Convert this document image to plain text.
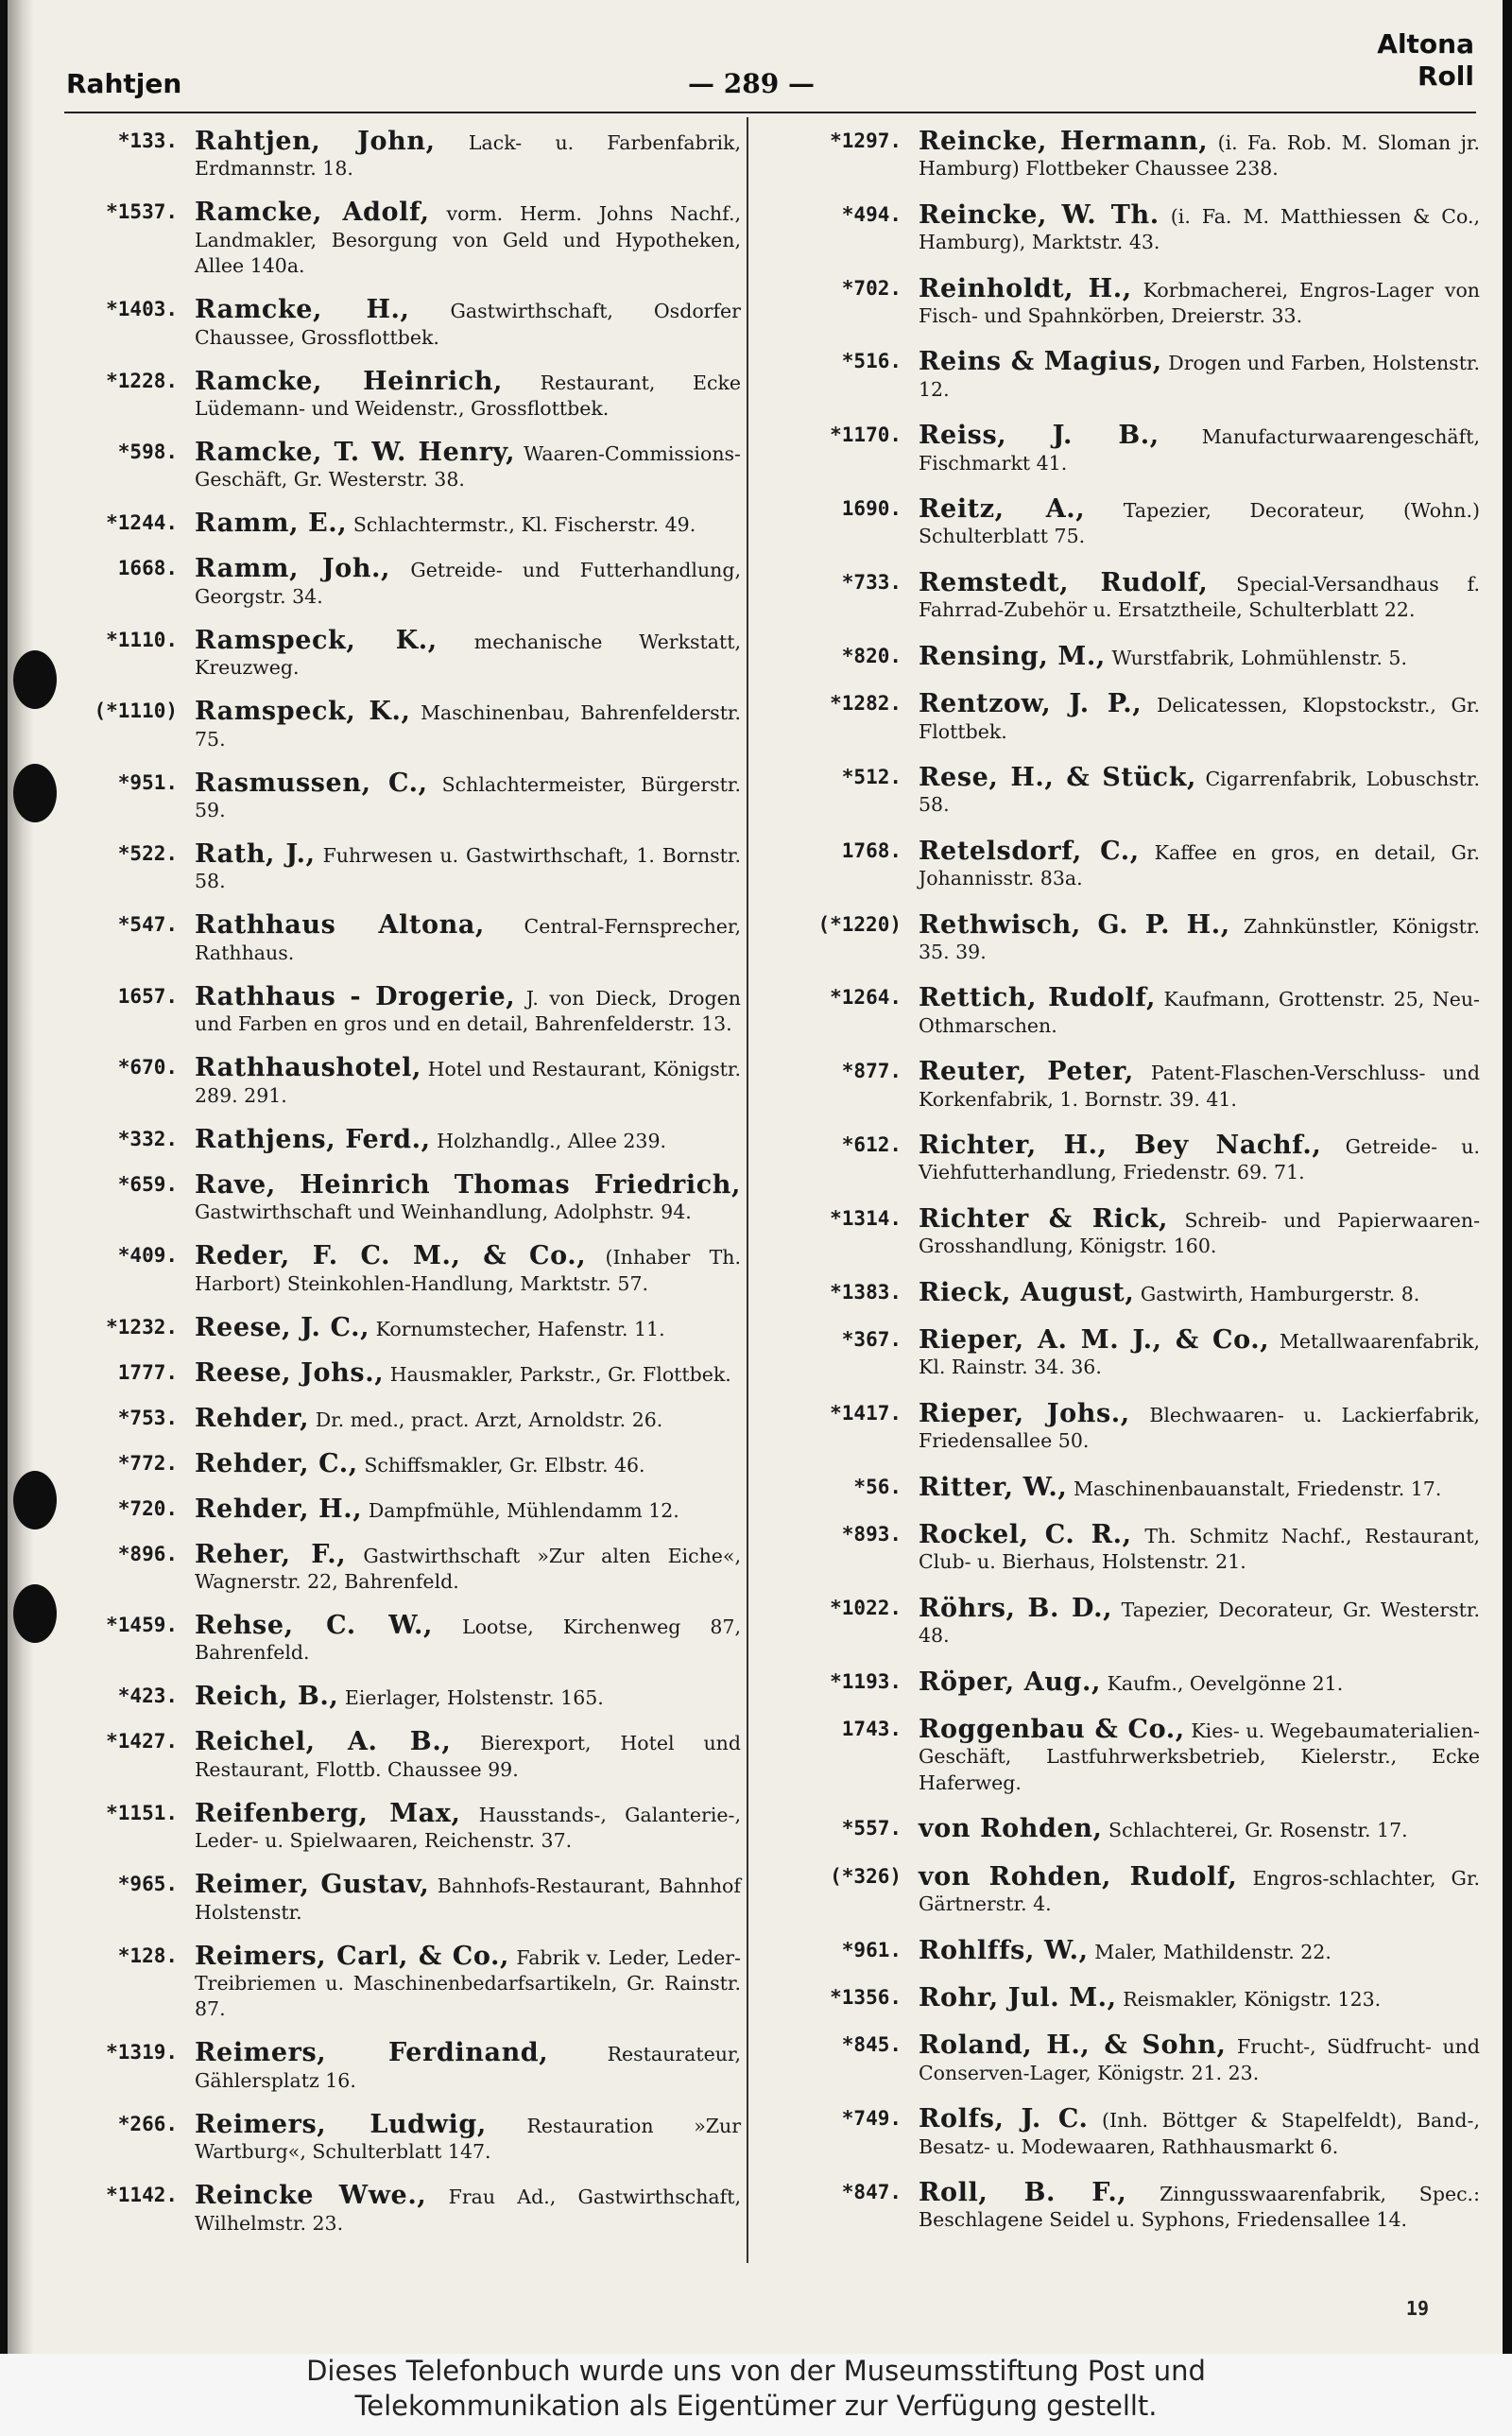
Rahtjen	— 289 —
Altona
Roll
*133. Rahtjen, John, Lack- u. Farbenfabrik, Erdmannstr. 18.
*1537. Ramcke, Adolf, vorm. Herm. Johns Nachf., Landmakler, Besorgung von Geld und Hypotheken, Allee 140a.
*1403. Ramcke, H., Gastwirthschaft, Osdorfer Chaussee, Grossflottbek.
*1228. Ramcke, Heinrich, Restaurant, Ecke Lüdemann- und Weidenstr., Grossflottbek.
*598. Ramcke, T. W. Henry, Waaren-Commissions-Geschäft, Gr. Westerstr. 38.
*1244. Ramm, E., Schlachtermstr., Kl. Fischerstr. 49.
1668. Ramm, Joh., Getreide- und Futterhandlung, Georgstr. 34.
*1110. Ramspeck, K., mechanische Werkstatt, Kreuzweg.
(*1110) Ramspeck, K., Maschinenbau, Bahrenfelderstr. 75.
*951. Rasmussen, C., Schlachtermeister, Bürgerstr. 59.
*522. Rath, J., Fuhrwesen u. Gastwirthschaft, 1. Bornstr. 58.
*547. Rathhaus Altona, Central-Fernsprecher, Rathhaus.
1657. Rathhaus - Drogerie, J. von Dieck, Drogen und Farben en gros und en detail, Bahrenfelderstr. 13.
*670. Rathhaushotel, Hotel und Restaurant, Königstr. 289. 291.
*332. Rathjens, Ferd., Holzhandlg., Allee 239.
*659. Rave, Heinrich Thomas Friedrich, Gastwirthschaft und Weinhandlung, Adolphstr. 94.
*409. Reder, F. C. M., & Co., (Inhaber Th. Harbort) Steinkohlen-Handlung, Marktstr. 57.
*1232. Reese, J. C., Kornumstecher, Hafenstr. 11.
1777. Reese, Johs., Hausmakler, Parkstr., Gr. Flottbek.
*753. Rehder, Dr. med., pract. Arzt, Arnoldstr. 26.
*772. Rehder, C., Schiffsmakler, Gr. Elbstr. 46.
*720. Rehder, H., Dampfmühle, Mühlendamm 12.
*896. Reher, F., Gastwirthschaft »Zur alten Eiche«, Wagnerstr. 22, Bahrenfeld.
*1459. Rehse, C. W., Lootse, Kirchenweg 87, Bahrenfeld.
*423. Reich, B., Eierlager, Holstenstr. 165.
*1427. Reichel, A. B., Bierexport, Hotel und Restaurant, Flottb. Chaussee 99.
*1151. Reifenberg, Max, Hausstands-, Galanterie-, Leder- u. Spielwaaren, Reichenstr. 37.
*965. Reimer, Gustav, Bahnhofs-Restaurant, Bahnhof Holstenstr.
*128. Reimers, Carl, & Co., Fabrik v. Leder, Leder-Treibriemen u. Maschinenbedarfsartikeln, Gr. Rainstr. 87.
*1319. Reimers, Ferdinand,	Restaurateur, Gählersplatz 16.
*266. Reimers, Ludwig, Restauration »Zur Wartburg«, Schulterblatt 147.
*1142. Reincke Wwe., Frau Ad., Gastwirthschaft, Wilhelmstr. 23.
*1297. Reincke, Hermann, (i. Fa. Rob. M. Sloman jr. Hamburg) Flottbeker Chaussee 238.
*494. Reincke, W. Th. (i. Fa. M. Matthiessen & Co., Hamburg), Marktstr. 43.
*702. Reinholdt, H., Korbmacherei, Engros-Lager von Fisch- und Spahnkörben, Dreierstr. 33.
*516. Reins & Magius, Drogen und Farben, Holstenstr. 12.
*1170. Reiss, J. B., Manufacturwaarengeschäft, Fischmarkt 41.
1690. Reitz, A., Tapezier, Decorateur, (Wohn.) Schulterblatt 75.
*733. Remstedt, Rudolf, Special-Versandhaus f. Fahrrad-Zubehör u. Ersatztheile, Schulterblatt 22.
*820. Rensing, M., Wurstfabrik, Lohmühlenstr. 5.
*1282. Rentzow, J. P., Delicatessen, Klopstockstr., Gr. Flottbek.
*512. Rese, H., & Stück, Cigarrenfabrik, Lobuschstr. 58.
1768. Retelsdorf, C., Kaffee en gros, en detail, Gr. Johannisstr. 83a.
(*1220) Rethwisch, G. P. H., Zahnkünstler, Königstr. 35. 39.
*1264. Rettich, Rudolf, Kaufmann, Grottenstr. 25, Neu-Othmarschen.
*877. Reuter, Peter, Patent-Flaschen-Verschluss- und Korkenfabrik, 1. Bornstr. 39. 41.
*612. Richter, H., Bey Nachf., Getreide- u. Viehfutterhandlung, Friedenstr. 69. 71.
*1314. Richter & Rick, Schreib- und Papierwaaren-Grosshandlung, Königstr. 160.
*1383. Rieck, August, Gastwirth, Hamburgerstr. 8.
*367. Rieper, A. M. J., & Co., Metallwaarenfabrik, Kl. Rainstr. 34. 36.
*1417. Rieper, Johs., Blechwaaren- u. Lackierfabrik, Friedensallee 50.
*56. Ritter, W., Maschinenbauanstalt, Friedenstr. 17.
*893. Rockel, C. R., Th. Schmitz Nachf., Restaurant, Club- u. Bierhaus, Holstenstr. 21.
*1022. Röhrs, B. D., Tapezier, Decorateur, Gr. Westerstr. 48.
*1193. Röper, Aug., Kaufm., Oevelgönne 21.
1743. Roggenbau & Co., Kies- u. Wegebaumaterialien-Geschäft, Lastfuhrwerksbetrieb, Kielerstr., Ecke Haferweg.
*557. von Rohden, Schlachterei, Gr. Rosenstr. 17.
(*326) von Rohden, Rudolf, Engros-schlachter, Gr. Gärtnerstr. 4.
*961. Rohlffs, W., Maler, Mathildenstr. 22.
*1356. Rohr, Jul. M., Reismakler, Königstr. 123.
*845. Roland, H., & Sohn, Frucht-, Südfrucht- und Conserven-Lager, Königstr. 21. 23.
*749. Rolfs, J. C. (Inh. Böttger & Stapelfeldt), Band-, Besatz- u. Modewaaren, Rathhausmarkt 6.
*847. Roll, B. F., Zinngusswaarenfabrik, Spec.: Beschlagene Seidel u. Syphons, Friedensallee 14.
19
Dieses Telefonbuch wurde uns von der Museumsstiftung Post und
Telekommunikation als Eigentümer zur Verfügung gestellt.
